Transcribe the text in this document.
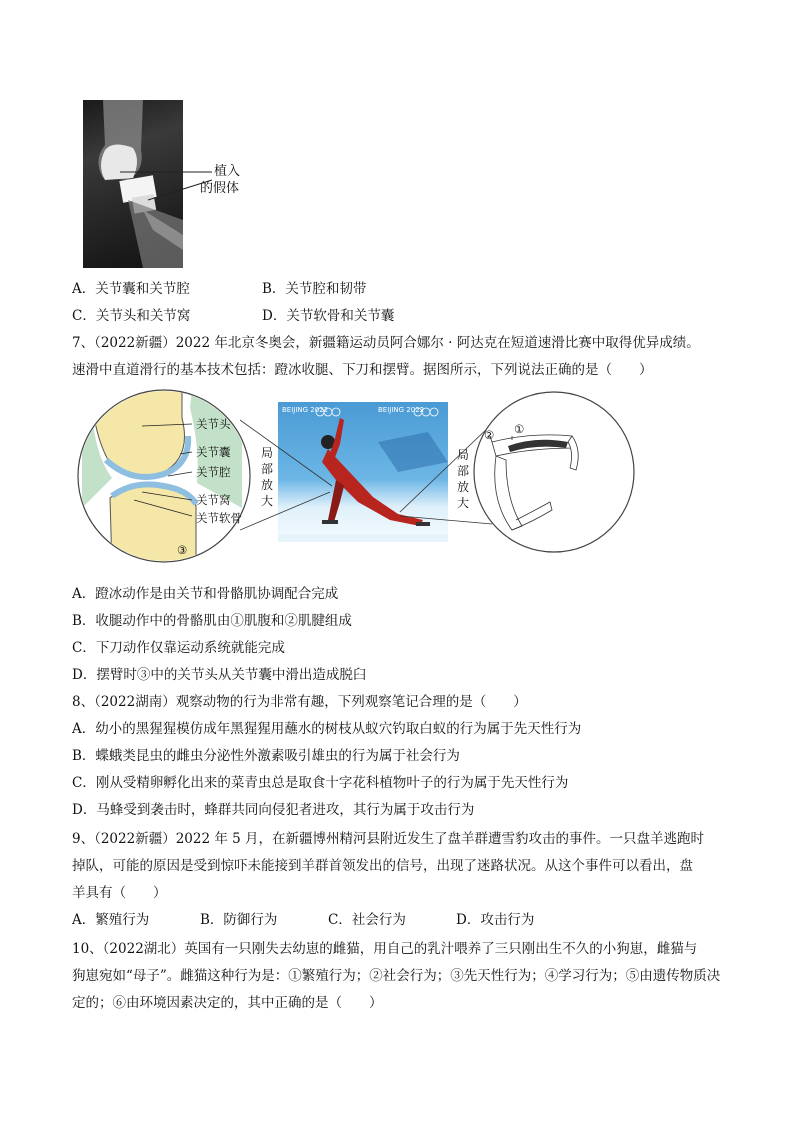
植入
的假体
A．关节囊和关节腔	B．关节腔和韧带
C．关节头和关节窝	D．关节软骨和关节囊
7、（2022新疆）2022 年北京冬奥会，新疆籍运动员阿合娜尔 · 阿达克在短道速滑比赛中取得优异成绩。
速滑中直道滑行的基本技术包括：蹬冰收腿、下刀和摆臂。据图所示，下列说法正确的是（　　）
关节头
关节囊
关节腔
关节窝
关节软骨
③
局
部
放
大
BEIJING 2022	BEIJING 2022
局
部
放
大
①
②
A．蹬冰动作是由关节和骨骼肌协调配合完成
B．收腿动作中的骨骼肌由①肌腹和②肌腱组成
C．下刀动作仅靠运动系统就能完成
D．摆臂时③中的关节头从关节囊中滑出造成脱臼
8、（2022湖南）观察动物的行为非常有趣，下列观察笔记合理的是（　　）
A．幼小的黑猩猩模仿成年黑猩猩用蘸水的树枝从蚁穴钓取白蚁的行为属于先天性行为
B．蝶蛾类昆虫的雌虫分泌性外激素吸引雄虫的行为属于社会行为
C．刚从受精卵孵化出来的菜青虫总是取食十字花科植物叶子的行为属于先天性行为
D．马蜂受到袭击时，蜂群共同向侵犯者进攻，其行为属于攻击行为
9、（2022新疆）2022 年 5 月，在新疆博州精河县附近发生了盘羊群遭雪豹攻击的事件。一只盘羊逃跑时
掉队，可能的原因是受到惊吓未能接到羊群首领发出的信号，出现了迷路状况。从这个事件可以看出，盘
羊具有（　　）
A．繁殖行为	B．防御行为	C．社会行为	D．攻击行为
10、（2022湖北）英国有一只刚失去幼崽的雌猫，用自己的乳汁喂养了三只刚出生不久的小狗崽，雌猫与
狗崽宛如“母子”。雌猫这种行为是：①繁殖行为；②社会行为；③先天性行为；④学习行为；⑤由遗传物质决
定的；⑥由环境因素决定的，其中正确的是（　　）
